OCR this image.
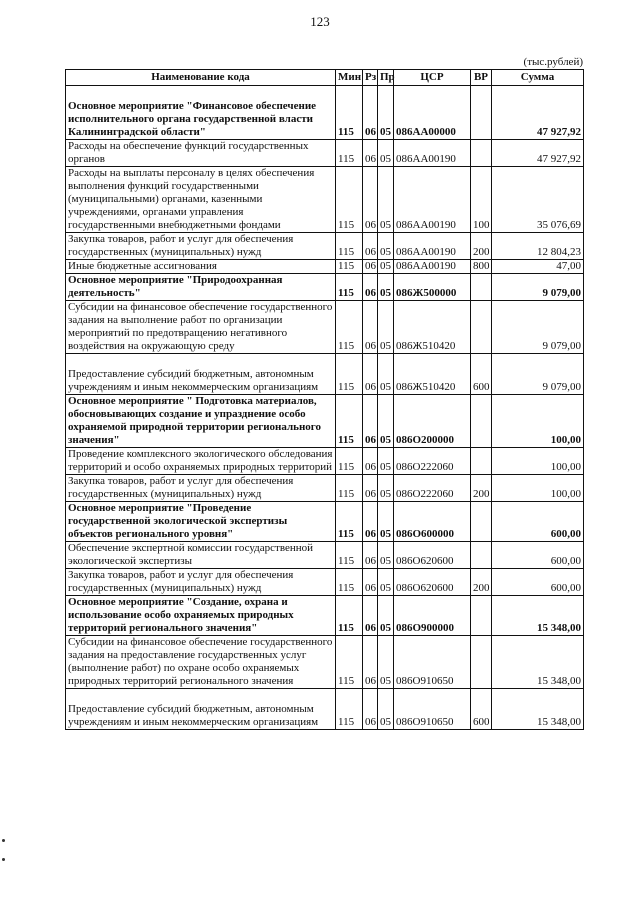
123
(тыс.рублей)
Наименование кода	Мин	Рз	Пр	ЦСР	ВР	Сумма
Основное мероприятие "Финансовое обеспечение исполнительного органа государственной власти Калининградской области"	115	06	05	086АА00000		47 927,92
Расходы на обеспечение функций государственных органов	115	06	05	086АА00190		47 927,92
Расходы на выплаты персоналу в целях обеспечения выполнения функций государственными (муниципальными) органами, казенными учреждениями, органами управления государственными внебюджетными фондами	115	06	05	086АА00190	100	35 076,69
Закупка товаров, работ и услуг для обеспечения государственных (муниципальных) нужд	115	06	05	086АА00190	200	12 804,23
Иные бюджетные ассигнования	115	06	05	086АА00190	800	47,00
Основное мероприятие "Природоохранная деятельность"	115	06	05	086Ж500000		9 079,00
Субсидии на финансовое обеспечение государственного задания на выполнение работ по организации мероприятий по предотвращению негативного воздействия на окружающую среду	115	06	05	086Ж510420		9 079,00
Предоставление субсидий бюджетным, автономным учреждениям и иным некоммерческим организациям	115	06	05	086Ж510420	600	9 079,00
Основное мероприятие " Подготовка материалов, обосновывающих создание и упразднение особо охраняемой природной территории регионального значения"	115	06	05	086О200000		100,00
Проведение комплексного экологического обследования территорий и особо охраняемых природных территорий	115	06	05	086О222060		100,00
Закупка товаров, работ и услуг для обеспечения государственных (муниципальных) нужд	115	06	05	086О222060	200	100,00
Основное мероприятие "Проведение государственной экологической экспертизы объектов регионального уровня"	115	06	05	086О600000		600,00
Обеспечение экспертной комиссии государственной экологической экспертизы	115	06	05	086О620600		600,00
Закупка товаров, работ и услуг для обеспечения государственных (муниципальных) нужд	115	06	05	086О620600	200	600,00
Основное мероприятие "Создание, охрана и использование особо охраняемых природных территорий регионального значения"	115	06	05	086О900000		15 348,00
Субсидии на финансовое обеспечение государственного задания на предоставление государственных услуг (выполнение работ) по охране особо охраняемых природных территорий регионального значения	115	06	05	086О910650		15 348,00
Предоставление субсидий бюджетным, автономным учреждениям и иным некоммерческим организациям	115	06	05	086О910650	600	15 348,00
